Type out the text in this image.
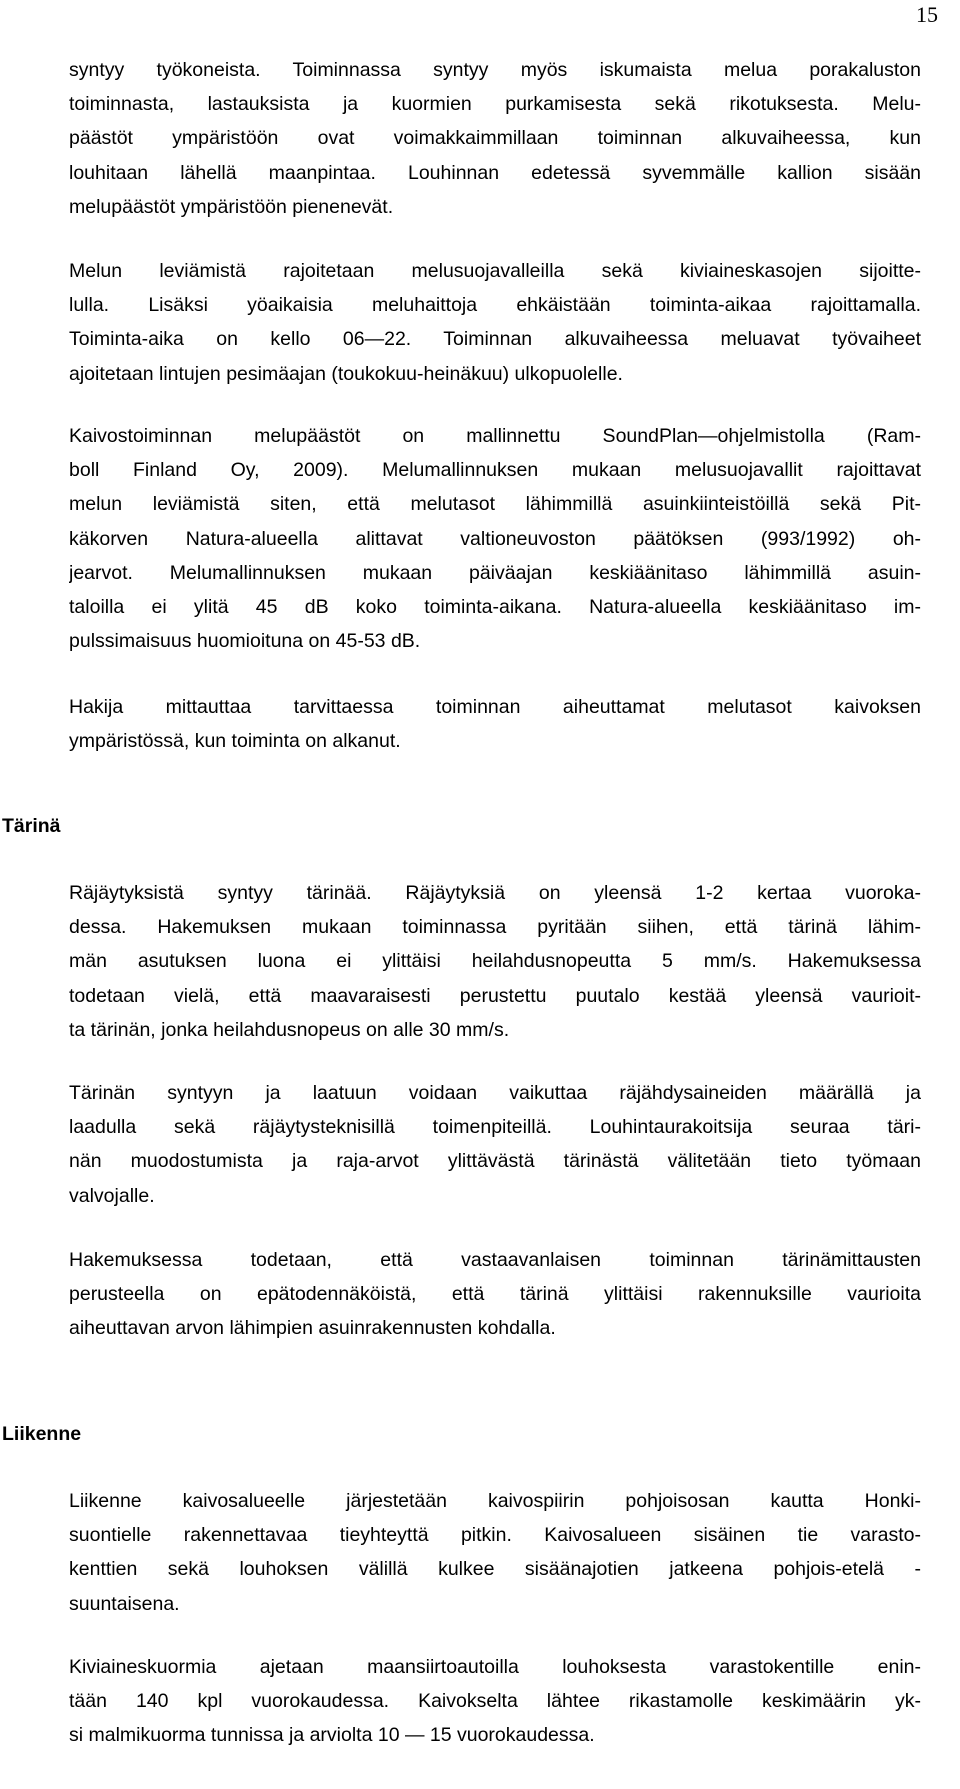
15
Tärinä
Liikenne
syntyy työkoneista. Toiminnassa syntyy myös iskumaista melua porakaluston
toiminnasta, lastauksista ja kuormien purkamisesta sekä rikotuksesta. Melu-
päästöt ympäristöön ovat voimakkaimmillaan toiminnan alkuvaiheessa, kun
louhitaan lähellä maanpintaa. Louhinnan edetessä syvemmälle kallion sisään
melupäästöt ympäristöön pienenevät.
Melun leviämistä rajoitetaan melusuojavalleilla sekä kiviaineskasojen sijoitte-
lulla. Lisäksi yöaikaisia meluhaittoja ehkäistään toiminta-aikaa rajoittamalla.
Toiminta-aika on kello 06—22. Toiminnan alkuvaiheessa meluavat työvaiheet
ajoitetaan lintujen pesimäajan (toukokuu-heinäkuu) ulkopuolelle.
Kaivostoiminnan melupäästöt on mallinnettu SoundPlan—ohjelmistolla (Ram-
boll Finland Oy, 2009). Melumallinnuksen mukaan melusuojavallit rajoittavat
melun leviämistä siten, että melutasot lähimmillä asuinkiinteistöillä sekä Pit-
käkorven Natura-alueella alittavat valtioneuvoston päätöksen (993/1992) oh-
jearvot. Melumallinnuksen mukaan päiväajan keskiäänitaso lähimmillä asuin-
taloilla ei ylitä 45 dB koko toiminta-aikana. Natura-alueella keskiäänitaso im-
pulssimaisuus huomioituna on 45-53 dB.
Hakija mittauttaa tarvittaessa toiminnan aiheuttamat melutasot kaivoksen
ympäristössä, kun toiminta on alkanut.
Räjäytyksistä syntyy tärinää. Räjäytyksiä on yleensä 1-2 kertaa vuoroka-
dessa. Hakemuksen mukaan toiminnassa pyritään siihen, että tärinä lähim-
män asutuksen luona ei ylittäisi heilahdusnopeutta 5 mm/s. Hakemuksessa
todetaan vielä, että maavaraisesti perustettu puutalo kestää yleensä vaurioit-
ta tärinän, jonka heilahdusnopeus on alle 30 mm/s.
Tärinän syntyyn ja laatuun voidaan vaikuttaa räjähdysaineiden määrällä ja
laadulla sekä räjäytysteknisillä toimenpiteillä. Louhintaurakoitsija seuraa täri-
nän muodostumista ja raja-arvot ylittävästä tärinästä välitetään tieto työmaan
valvojalle.
Hakemuksessa todetaan, että vastaavanlaisen toiminnan tärinämittausten
perusteella on epätodennäköistä, että tärinä ylittäisi rakennuksille vaurioita
aiheuttavan arvon lähimpien asuinrakennusten kohdalla.
Liikenne kaivosalueelle järjestetään kaivospiirin pohjoisosan kautta Honki-
suontielle rakennettavaa tieyhteyttä pitkin. Kaivosalueen sisäinen tie varasto-
kenttien sekä louhoksen välillä kulkee sisäänajotien jatkeena pohjois-etelä -
suuntaisena.
Kiviaineskuormia ajetaan maansiirtoautoilla louhoksesta varastokentille enin-
tään 140 kpl vuorokaudessa. Kaivokselta lähtee rikastamolle keskimäärin yk-
si malmikuorma tunnissa ja arviolta 10 — 15 vuorokaudessa.
